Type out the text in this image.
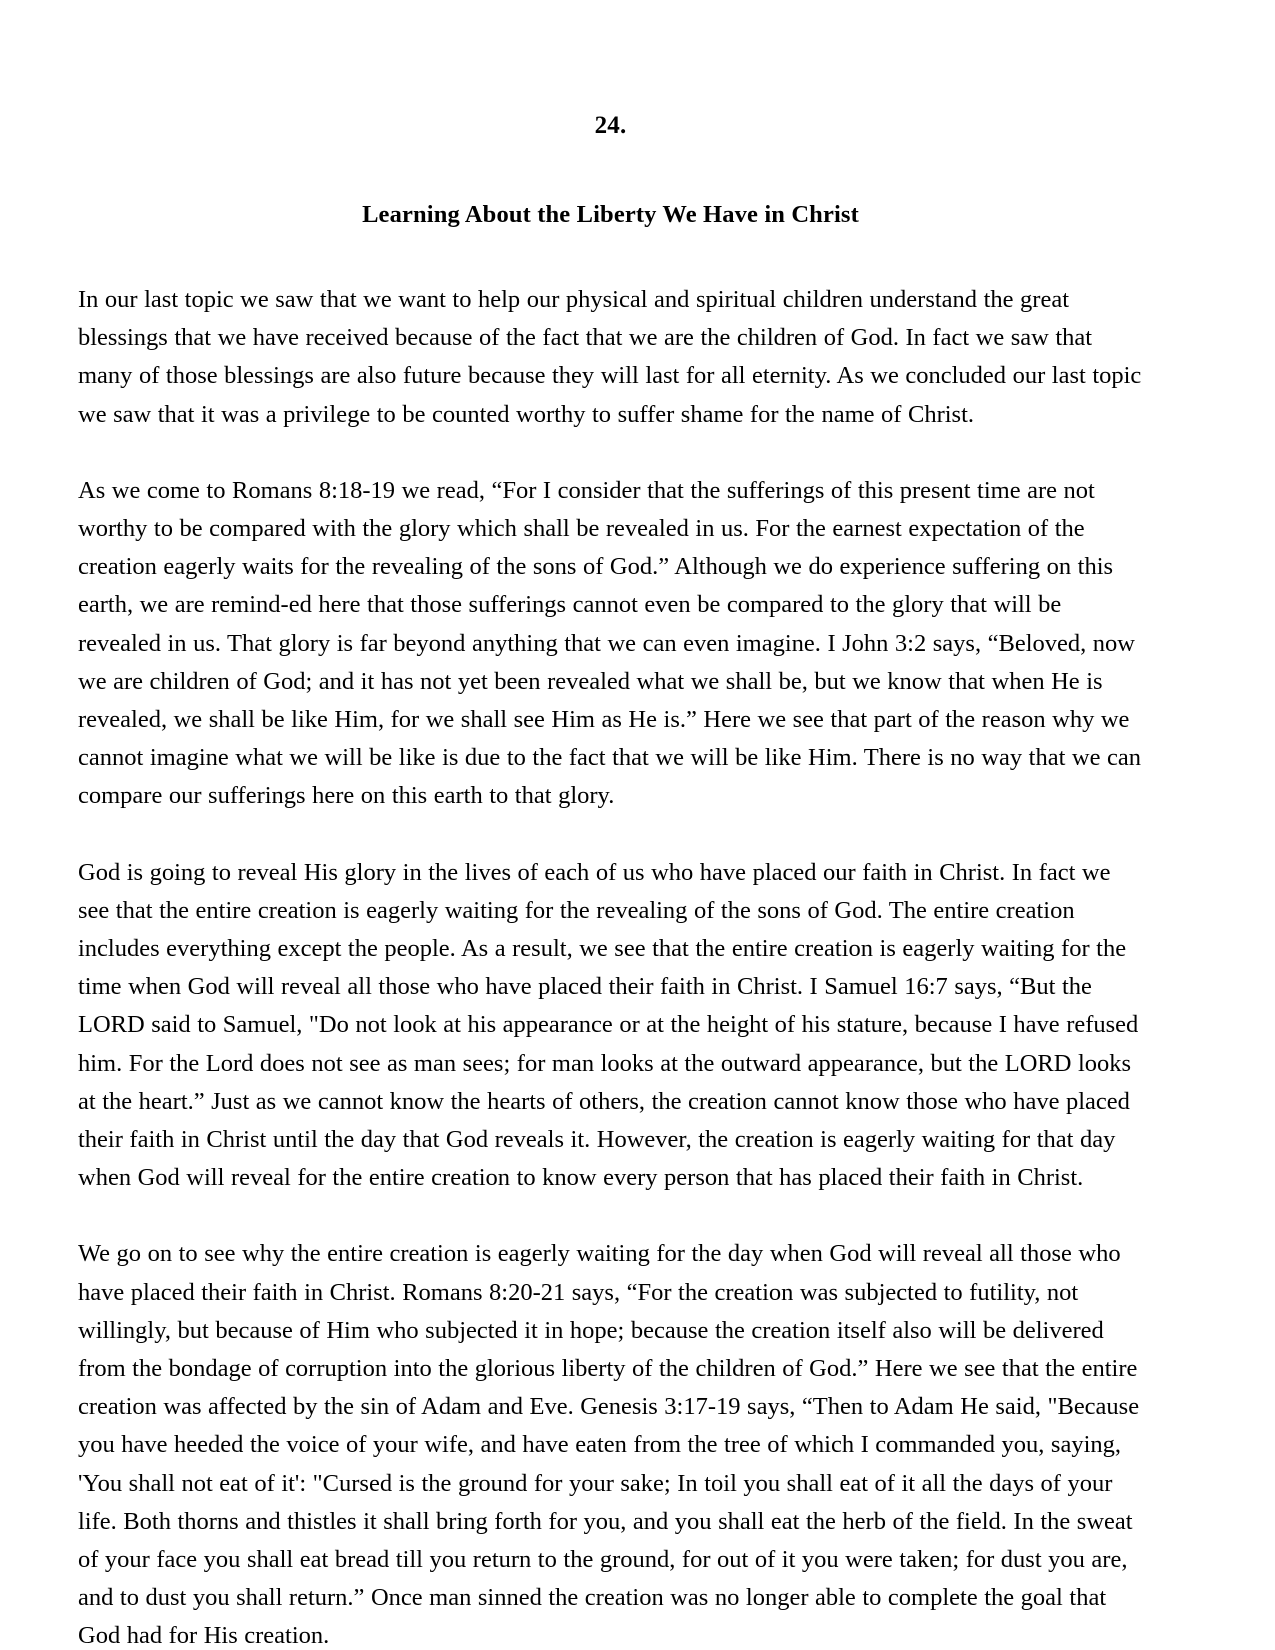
24.
Learning About the Liberty We Have in Christ

In our last topic we saw that we want to help our physical and spiritual children understand the great blessings that we have received because of the fact that we are the children of God. In fact we saw that many of those blessings are also future because they will last for all eternity. As we concluded our last topic we saw that it was a privilege to be counted worthy to suffer shame for the name of Christ.

As we come to Romans 8:18-19 we read, “For I consider that the sufferings of this present time are not worthy to be compared with the glory which shall be revealed in us. For the earnest expectation of the creation eagerly waits for the revealing of the sons of God.” Although we do experience suffering on this earth, we are remind-ed here that those sufferings cannot even be compared to the glory that will be revealed in us. That glory is far beyond anything that we can even imagine. I John 3:2 says, “Beloved, now we are children of God; and it has not yet been revealed what we shall be, but we know that when He is revealed, we shall be like Him, for we shall see Him as He is.” Here we see that part of the reason why we cannot imagine what we will be like is due to the fact that we will be like Him. There is no way that we can compare our sufferings here on this earth to that glory.

God is going to reveal His glory in the lives of each of us who have placed our faith in Christ. In fact we see that the entire creation is eagerly waiting for the revealing of the sons of God. The entire creation includes everything except the people. As a result, we see that the entire creation is eagerly waiting for the time when God will reveal all those who have placed their faith in Christ. I Samuel 16:7 says, “But the LORD said to Samuel, "Do not look at his appearance or at the height of his stature, because I have refused him. For the Lord does not see as man sees; for man looks at the outward appearance, but the LORD looks at the heart.” Just as we cannot know the hearts of others, the creation cannot know those who have placed their faith in Christ until the day that God reveals it. However, the creation is eagerly waiting for that day when God will reveal for the entire creation to know every person that has placed their faith in Christ.

We go on to see why the entire creation is eagerly waiting for the day when God will reveal all those who have placed their faith in Christ. Romans 8:20-21 says, “For the creation was subjected to futility, not willingly, but because of Him who subjected it in hope; because the creation itself also will be delivered from the bondage of corruption into the glorious liberty of the children of God.” Here we see that the entire creation was affected by the sin of Adam and Eve. Genesis 3:17-19 says, “Then to Adam He said, "Because you have heeded the voice of your wife, and have eaten from the tree of which I commanded you, saying, 'You shall not eat of it': "Cursed is the ground for your sake; In toil you shall eat of it all the days of your life. Both thorns and thistles it shall bring forth for you, and you shall eat the herb of the field. In the sweat of your face you shall eat bread till you return to the ground, for out of it you were taken; for dust you are, and to dust you shall return.” Once man sinned the creation was no longer able to complete the goal that God had for His creation.
